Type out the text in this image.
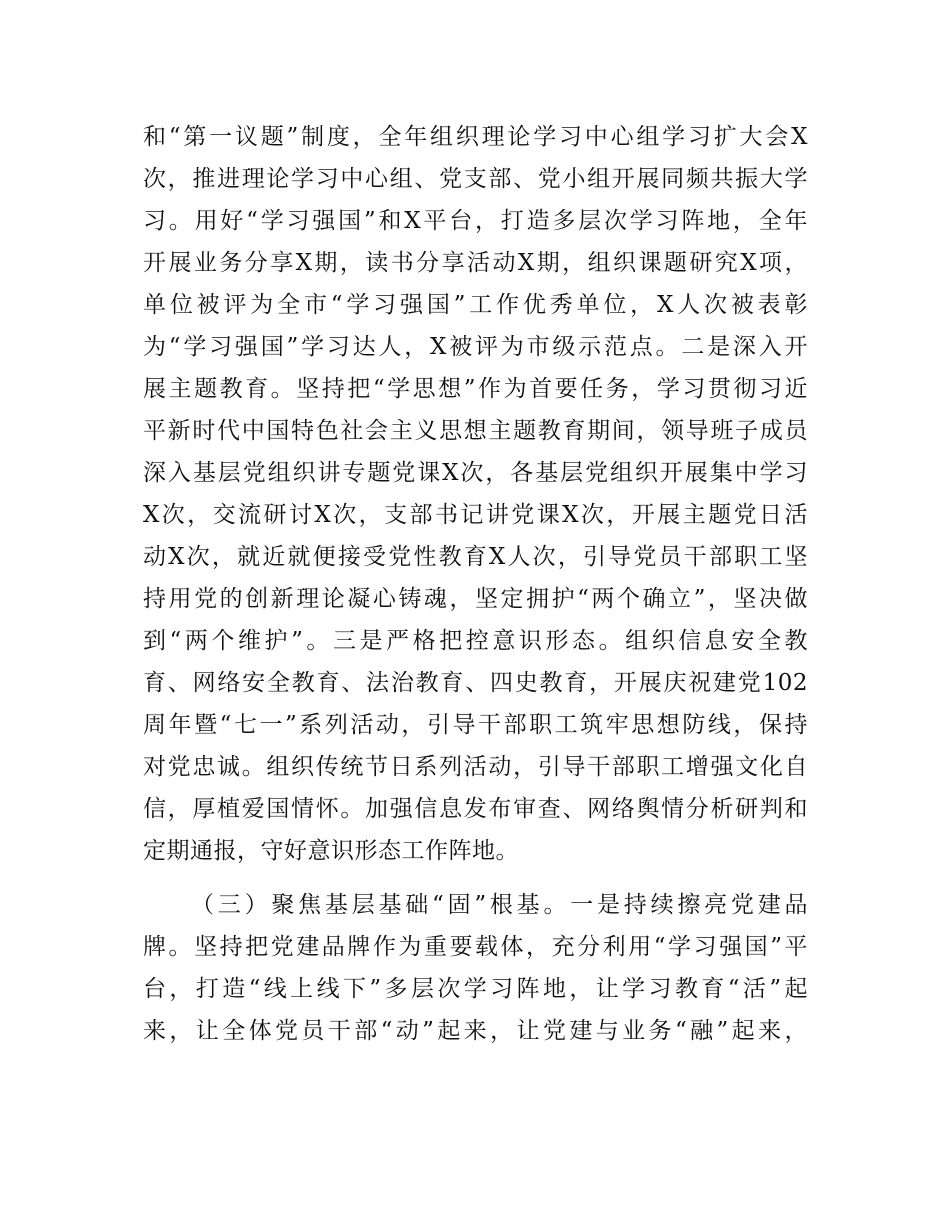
和“第一议题”制度，全年组织理论学习中心组学习扩大会X
次，推进理论学习中心组、党支部、党小组开展同频共振大学
习。用好“学习强国”和X平台，打造多层次学习阵地，全年
开展业务分享X期，读书分享活动X期，组织课题研究X项，
单位被评为全市“学习强国”工作优秀单位，X人次被表彰
为“学习强国”学习达人，X被评为市级示范点。二是深入开
展主题教育。坚持把“学思想”作为首要任务，学习贯彻习近
平新时代中国特色社会主义思想主题教育期间，领导班子成员
深入基层党组织讲专题党课X次，各基层党组织开展集中学习
X次，交流研讨X次，支部书记讲党课X次，开展主题党日活
动X次，就近就便接受党性教育X人次，引导党员干部职工坚
持用党的创新理论凝心铸魂，坚定拥护“两个确立”，坚决做
到“两个维护”。三是严格把控意识形态。组织信息安全教
育、网络安全教育、法治教育、四史教育，开展庆祝建党102
周年暨“七一”系列活动，引导干部职工筑牢思想防线，保持
对党忠诚。组织传统节日系列活动，引导干部职工增强文化自
信，厚植爱国情怀。加强信息发布审查、网络舆情分析研判和
定期通报，守好意识形态工作阵地。
（三）聚焦基层基础“固”根基。一是持续擦亮党建品
牌。坚持把党建品牌作为重要载体，充分利用“学习强国”平
台，打造“线上线下”多层次学习阵地，让学习教育“活”起
来，让全体党员干部“动”起来，让党建与业务“融”起来，
